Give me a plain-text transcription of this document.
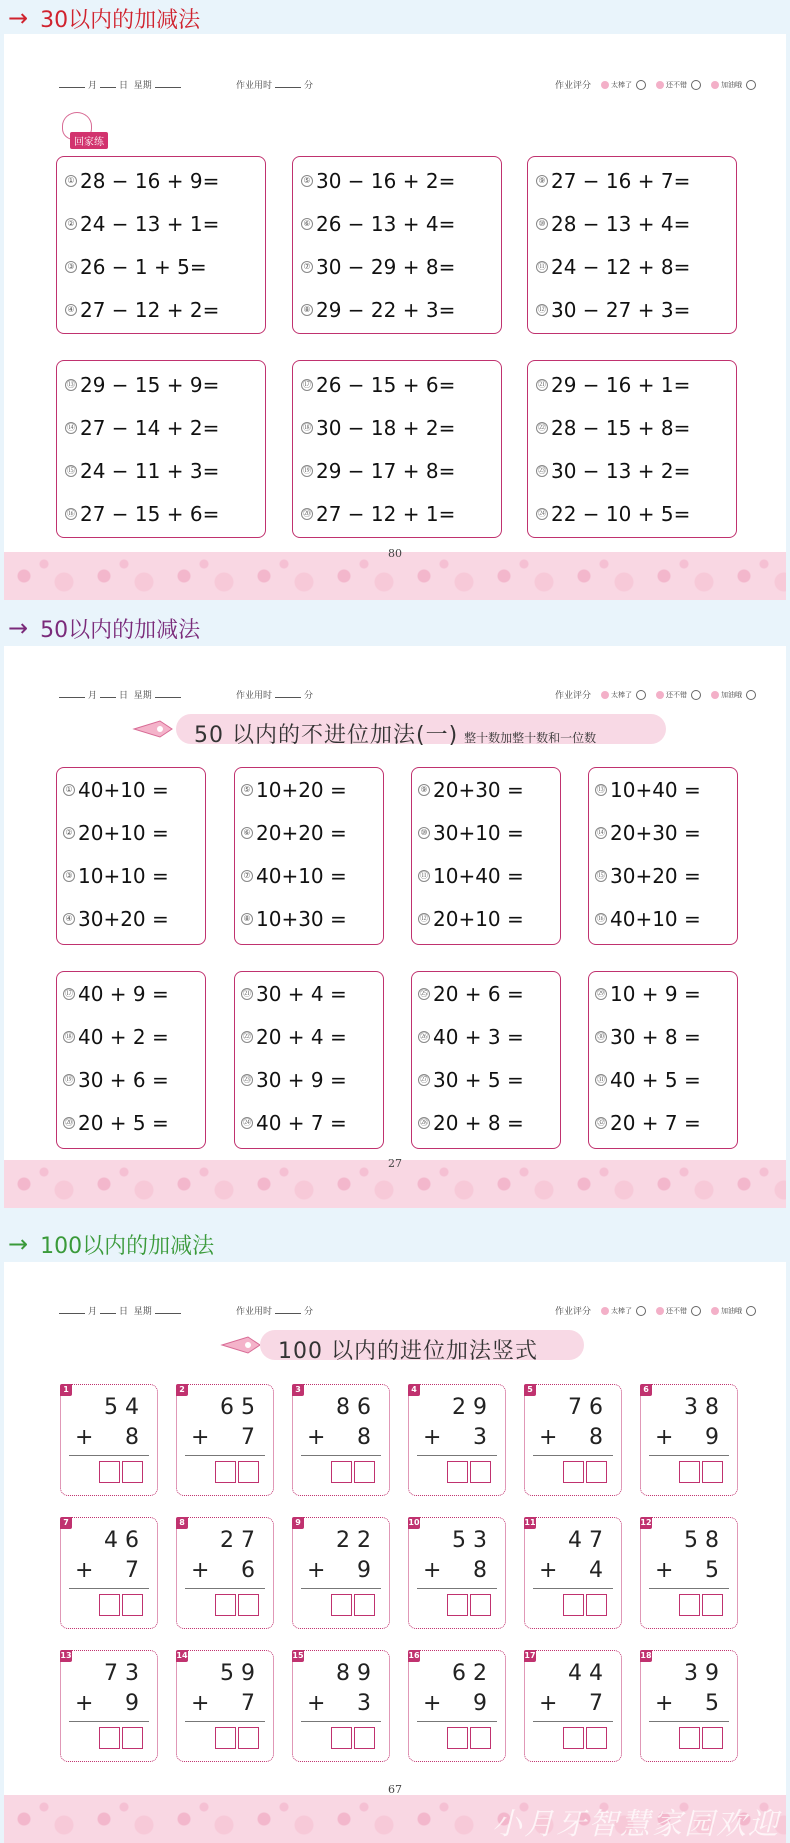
→ 30以内的加减法
月 日 星期	作业用时	分	作业评分	太棒了	还不错	加油哦
回家练
① 28 − 16 + 9=
② 24 − 13 + 1=
③ 26 − 1 + 5=
④ 27 − 12 + 2=
⑤ 30 − 16 + 2=
⑥ 26 − 13 + 4=
⑦ 30 − 29 + 8=
⑧ 29 − 22 + 3=
⑨ 27 − 16 + 7=
⑩ 28 − 13 + 4=
⑪ 24 − 12 + 8=
⑫ 30 − 27 + 3=
⑬ 29 − 15 + 9=
⑭ 27 − 14 + 2=
⑮ 24 − 11 + 3=
⑯ 27 − 15 + 6=
⑰ 26 − 15 + 6=
⑱ 30 − 18 + 2=
⑲ 29 − 17 + 8=
⑳ 27 − 12 + 1=
㉑ 29 − 16 + 1=
㉒ 28 − 15 + 8=
㉓ 30 − 13 + 2=
㉔ 22 − 10 + 5=
80
→ 50以内的加减法
月 日 星期	作业用时	分	作业评分	太棒了	还不错	加油哦
50 以内的不进位加法(一) 整十数加整十数和一位数
① 40+10 =
② 20+10 =
③ 10+10 =
④ 30+20 =
⑤ 10+20 =
⑥ 20+20 =
⑦ 40+10 =
⑧ 10+30 =
⑨ 20+30 =
⑩ 30+10 =
⑪ 10+40 =
⑫ 20+10 =
⑬ 10+40 =
⑭ 20+30 =
⑮ 30+20 =
⑯ 40+10 =
⑰ 40 + 9 =
⑱ 40 + 2 =
⑲ 30 + 6 =
⑳ 20 + 5 =
㉑ 30 + 4 =
㉒ 20 + 4 =
㉓ 30 + 9 =
㉔ 40 + 7 =
㉕ 20 + 6 =
㉖ 40 + 3 =
㉗ 30 + 5 =
㉘ 20 + 8 =
㉙ 10 + 9 =
㉚ 30 + 8 =
㉛ 40 + 5 =
㉜ 20 + 7 =
27
→ 100以内的加减法
月 日 星期	作业用时	分	作业评分	太棒了	还不错	加油哦
100 以内的进位加法竖式
1
5 4
+ 8
2
6 5
+ 7
3
8 6
+ 8
4
2 9
+ 3
5
7 6
+ 8
6
3 8
+ 9
7
4 6
+ 7
8
2 7
+ 6
9
2 2
+ 9
10
5 3
+ 8
11
4 7
+ 4
12
5 8
+ 5
13
7 3
+ 9
14
5 9
+ 7
15
8 9
+ 3
16
6 2
+ 9
17
4 4
+ 7
18
3 9
+ 5
67
小月牙智慧家园欢迎
